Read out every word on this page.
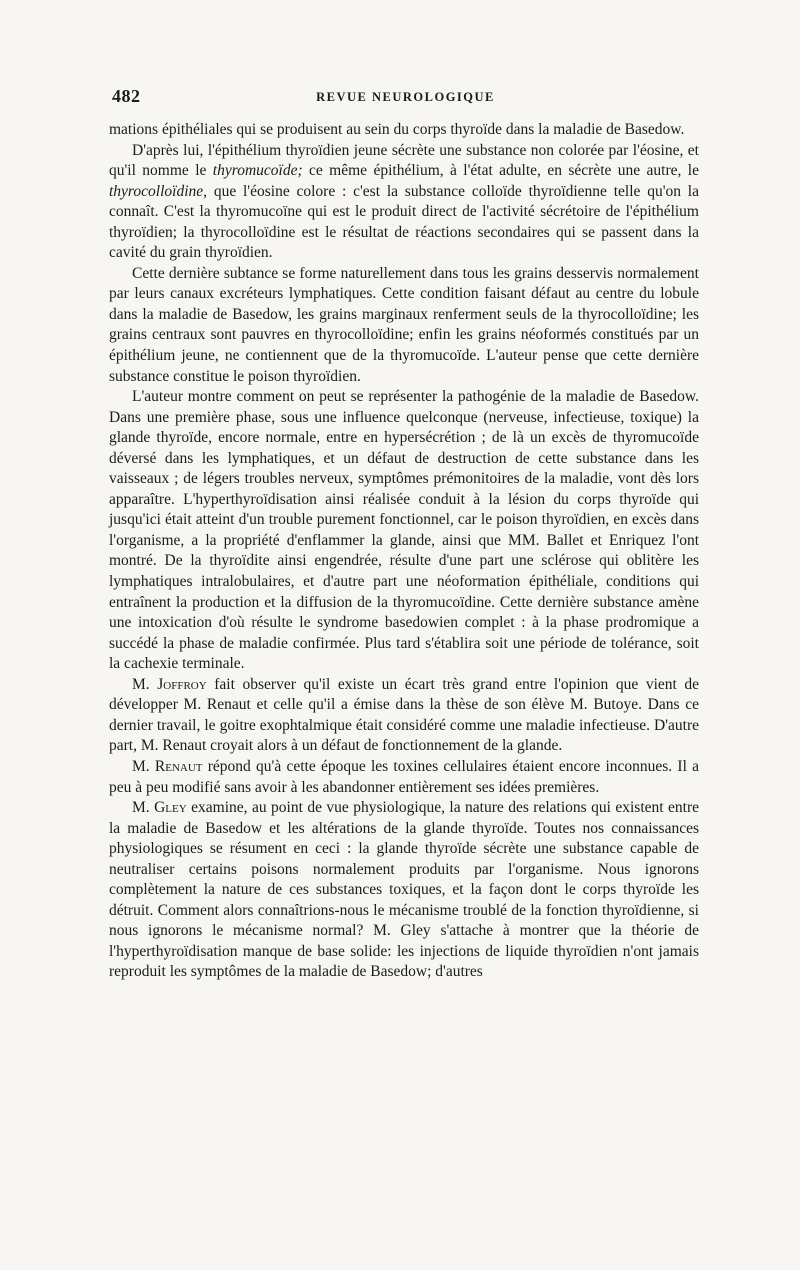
482	REVUE NEUROLOGIQUE

mations épithéliales qui se produisent au sein du corps thyroïde dans la maladie de Basedow.

D'après lui, l'épithélium thyroïdien jeune sécrète une substance non colorée par l'éosine, et qu'il nomme le thyromucoïde; ce même épithélium, à l'état adulte, en sécrète une autre, le thyrocolloïdine, que l'éosine colore : c'est la substance colloïde thyroïdienne telle qu'on la connaît. C'est la thyromucoïne qui est le produit direct de l'activité sécrétoire de l'épithélium thyroïdien; la thyrocolloïdine est le résultat de réactions secondaires qui se passent dans la cavité du grain thyroïdien.

Cette dernière subtance se forme naturellement dans tous les grains desservis normalement par leurs canaux excréteurs lymphatiques. Cette condition faisant défaut au centre du lobule dans la maladie de Basedow, les grains marginaux renferment seuls de la thyrocolloïdine; les grains centraux sont pauvres en thyrocolloïdine; enfin les grains néoformés constitués par un épithélium jeune, ne contiennent que de la thyromucoïde. L'auteur pense que cette dernière substance constitue le poison thyroïdien.

L'auteur montre comment on peut se représenter la pathogénie de la maladie de Basedow. Dans une première phase, sous une influence quelconque (nerveuse, infectieuse, toxique) la glande thyroïde, encore normale, entre en hypersécrétion ; de là un excès de thyromucoïde déversé dans les lymphatiques, et un défaut de destruction de cette substance dans les vaisseaux ; de légers troubles nerveux, symptômes prémonitoires de la maladie, vont dès lors apparaître. L'hyperthyroïdisation ainsi réalisée conduit à la lésion du corps thyroïde qui jusqu'ici était atteint d'un trouble purement fonctionnel, car le poison thyroïdien, en excès dans l'organisme, a la propriété d'enflammer la glande, ainsi que MM. Ballet et Enriquez l'ont montré. De la thyroïdite ainsi engendrée, résulte d'une part une sclérose qui oblitère les lymphatiques intralobulaires, et d'autre part une néoformation épithéliale, conditions qui entraînent la production et la diffusion de la thyromucoïdine. Cette dernière substance amène une intoxication d'où résulte le syndrome basedowien complet : à la phase prodromique a succédé la phase de maladie confirmée. Plus tard s'établira soit une période de tolérance, soit la cachexie terminale.

M. Joffroy fait observer qu'il existe un écart très grand entre l'opinion que vient de développer M. Renaut et celle qu'il a émise dans la thèse de son élève M. Butoye. Dans ce dernier travail, le goitre exophtalmique était considéré comme une maladie infectieuse. D'autre part, M. Renaut croyait alors à un défaut de fonctionnement de la glande.

M. Renaut répond qu'à cette époque les toxines cellulaires étaient encore inconnues. Il a peu à peu modifié sans avoir à les abandonner entièrement ses idées premières.

M. Gley examine, au point de vue physiologique, la nature des relations qui existent entre la maladie de Basedow et les altérations de la glande thyroïde. Toutes nos connaissances physiologiques se résument en ceci : la glande thyroïde sécrète une substance capable de neutraliser certains poisons normalement produits par l'organisme. Nous ignorons complètement la nature de ces substances toxiques, et la façon dont le corps thyroïde les détruit. Comment alors connaîtrions-nous le mécanisme troublé de la fonction thyroïdienne, si nous ignorons le mécanisme normal? M. Gley s'attache à montrer que la théorie de l'hyperthyroïdisation manque de base solide: les injections de liquide thyroïdien n'ont jamais reproduit les symptômes de la maladie de Basedow; d'autres
